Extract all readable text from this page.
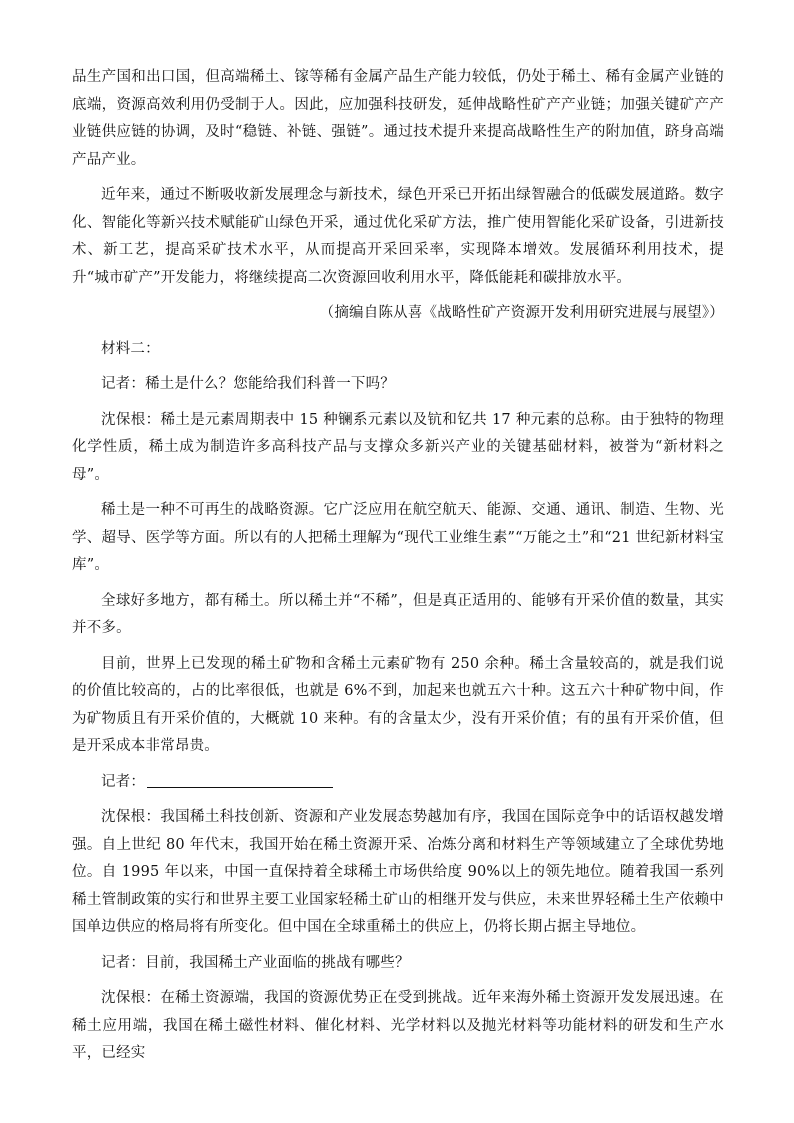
品生产国和出口国，但高端稀土、镓等稀有金属产品生产能力较低，仍处于稀土、稀有金属产业链的底端，资源高效利用仍受制于人。因此，应加强科技研发，延伸战略性矿产产业链；加强关键矿产产业链供应链的协调，及时“稳链、补链、强链”。通过技术提升来提高战略性生产的附加值，跻身高端产品产业。

近年来，通过不断吸收新发展理念与新技术，绿色开采已开拓出绿智融合的低碳发展道路。数字化、智能化等新兴技术赋能矿山绿色开采，通过优化采矿方法，推广使用智能化采矿设备，引进新技术、新工艺，提高采矿技术水平，从而提高开采回采率，实现降本增效。发展循环利用技术，提升“城市矿产”开发能力，将继续提高二次资源回收利用水平，降低能耗和碳排放水平。

（摘编自陈从喜《战略性矿产资源开发利用研究进展与展望》）

材料二：

记者：稀土是什么？您能给我们科普一下吗？

沈保根：稀土是元素周期表中 15 种镧系元素以及钪和钇共 17 种元素的总称。由于独特的物理化学性质，稀土成为制造许多高科技产品与支撑众多新兴产业的关键基础材料，被誉为“新材料之母”。

稀土是一种不可再生的战略资源。它广泛应用在航空航天、能源、交通、通讯、制造、生物、光学、超导、医学等方面。所以有的人把稀土理解为“现代工业维生素”“万能之土”和“21 世纪新材料宝库”。

全球好多地方，都有稀土。所以稀土并“不稀”，但是真正适用的、能够有开采价值的数量，其实并不多。

目前，世界上已发现的稀土矿物和含稀土元素矿物有 250 余种。稀土含量较高的，就是我们说的价值比较高的，占的比率很低，也就是 6%不到，加起来也就五六十种。这五六十种矿物中间，作为矿物质且有开采价值的，大概就 10 来种。有的含量太少，没有开采价值；有的虽有开采价值，但是开采成本非常昂贵。

记者：

沈保根：我国稀土科技创新、资源和产业发展态势越加有序，我国在国际竞争中的话语权越发增强。自上世纪 80 年代末，我国开始在稀土资源开采、冶炼分离和材料生产等领域建立了全球优势地位。自 1995 年以来，中国一直保持着全球稀土市场供给度 90%以上的领先地位。随着我国一系列稀土管制政策的实行和世界主要工业国家轻稀土矿山的相继开发与供应，未来世界轻稀土生产依赖中国单边供应的格局将有所变化。但中国在全球重稀土的供应上，仍将长期占据主导地位。

记者：目前，我国稀土产业面临的挑战有哪些？

沈保根：在稀土资源端，我国的资源优势正在受到挑战。近年来海外稀土资源开发发展迅速。在稀土应用端，我国在稀土磁性材料、催化材料、光学材料以及抛光材料等功能材料的研发和生产水平，已经实
